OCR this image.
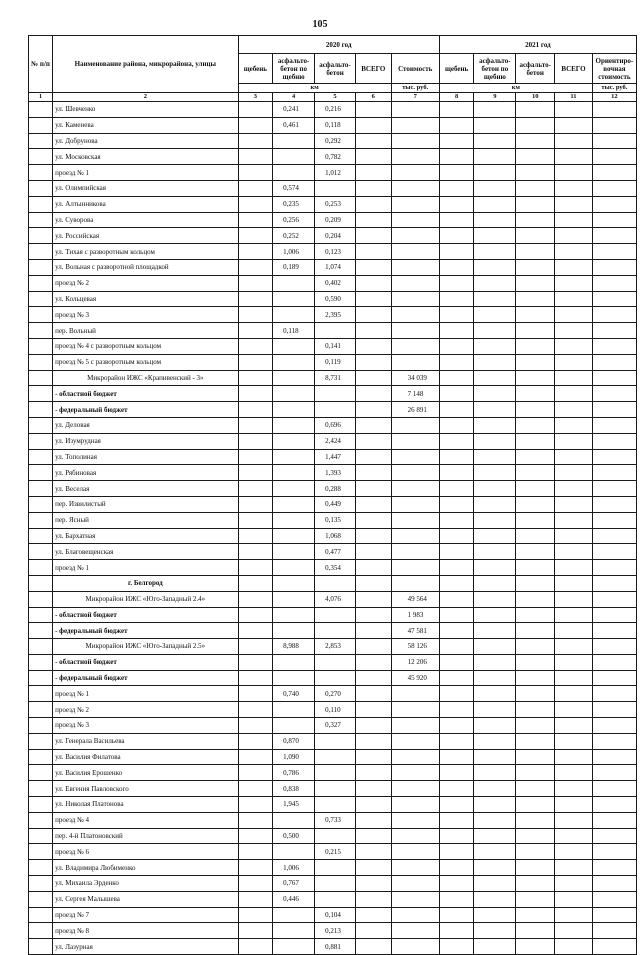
105
№ п/п	Наименование района, микрорайона, улицы	2020 год					2021 год				
		щебень	асфальто-бетон по щебню	асфальто-бетон	ВСЕГО	Стоимость	щебень	асфальто-бетон по щебню	асфальто-бетон	ВСЕГО	Ориентиро-вочная стоимость
		км				тыс. руб.	км				тыс. руб.
1	2	3	4	5	6	7	8	9	10	11	12
	ул. Шевченко		0,241	0,216							
	ул. Каменева		0,461	0,118							
	ул. Добрунова			0,292							
	ул. Московская			0,782							
	проезд № 1			1,012							
	ул. Олимпийская		0,574								
	ул. Алтынникова		0,235	0,253							
	ул. Суворова		0,256	0,209							
	ул. Российская		0,252	0,204							
	ул. Тихая с разворотным кольцом		1,006	0,123							
	ул. Вольная с разворотной площадкой		0,189	1,074							
	проезд № 2			0,402							
	ул. Кольцевая			0,590							
	проезд № 3			2,395							
	пер. Вольный		0,118								
	проезд № 4 с разворотным кольцом			0,141							
	проезд № 5 с разворотным кольцом			0,119							
	Микрорайон ИЖС «Крапивенский - 3»			8,731		34 039					
	- областной бюджет					7 148					
	- федеральный бюджет					26 891					
	ул. Деловая			0,696							
	ул. Изумрудная			2,424							
	ул. Тополиная			1,447							
	ул. Рябиновая			1,393							
	ул. Веселая			0,288							
	пер. Извилистый			0,449							
	пер. Ясный			0,135							
	ул. Бархатная			1,068							
	ул. Благовещенская			0,477							
	проезд № 1			0,354							
	г. Белгород										
	Микрорайон ИЖС «Юго-Западный 2.4»			4,076		49 564					
	- областной бюджет					1 983					
	- федеральный бюджет					47 581					
	Микрорайон ИЖС «Юго-Западный 2.5»		8,988	2,853		58 126					
	- областной бюджет					12 206					
	- федеральный бюджет					45 920					
	проезд № 1		0,740	0,270							
	проезд № 2			0,110							
	проезд № 3			0,327							
	ул. Генерала Васильева		0,870								
	ул. Василия Филатова		1,090								
	ул. Василия Ерошенко		0,786								
	ул. Евгения Павловского		0,838								
	ул. Николая Платонова		1,945								
	проезд № 4			0,733							
	пер. 4-й Платоновский		0,500								
	проезд № 6			0,215							
	ул. Владимира Любименко		1,006								
	ул. Михаила Эрденко		0,767								
	ул. Сергея Малышева		0,446								
	проезд № 7			0,104							
	проезд № 8			0,213							
	ул. Лазурная			0,881							
